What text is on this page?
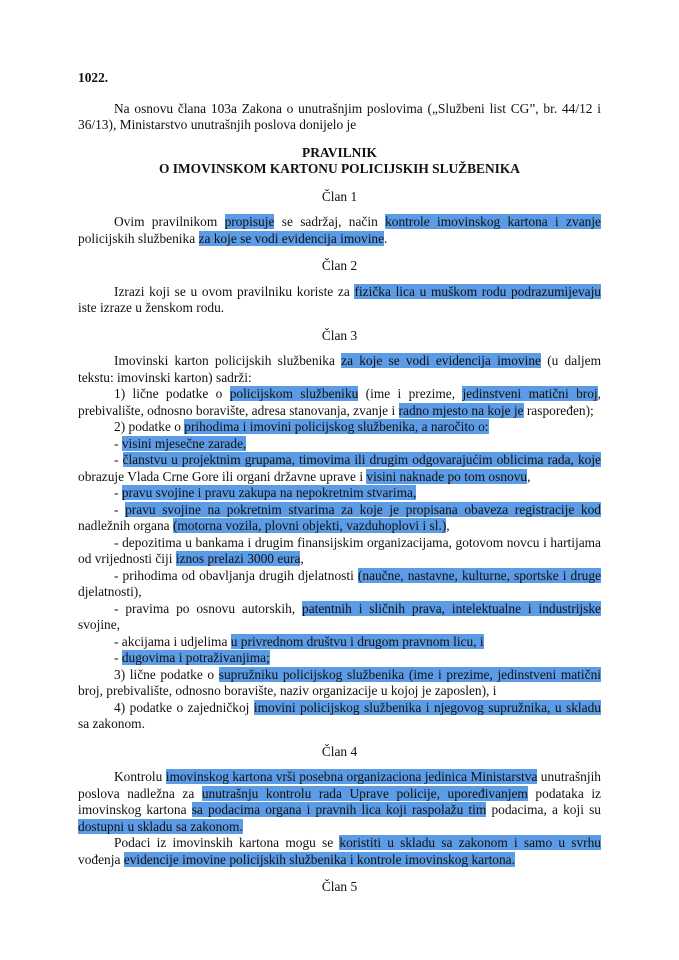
1022.

Na osnovu člana 103a Zakona o unutrašnjim poslovima („Službeni list CG”, br. 44/12 i 36/13), Ministarstvo unutrašnjih poslova donijelo je

PRAVILNIK

O IMOVINSKOM KARTONU POLICIJSKIH SLUŽBENIKA

Član 1

Ovim pravilnikom propisuje se sadržaj, način kontrole imovinskog kartona i zvanje policijskih službenika za koje se vodi evidencija imovine.

Član 2

Izrazi koji se u ovom pravilniku koriste za fizička lica u muškom rodu podrazumijevaju iste izraze u ženskom rodu.

Član 3

Imovinski karton policijskih službenika za koje se vodi evidencija imovine (u daljem tekstu: imovinski karton) sadrži:

1) lične podatke o policijskom službeniku (ime i prezime, jedinstveni matični broj, prebivalište, odnosno boravište, adresa stanovanja, zvanje i radno mjesto na koje je raspoređen);

2) podatke o prihodima i imovini policijskog službenika, a naročito o:

- visini mjesečne zarade,

- članstvu u projektnim grupama, timovima ili drugim odgovarajućim oblicima rada, koje obrazuje Vlada Crne Gore ili organi državne uprave i visini naknade po tom osnovu,

- pravu svojine i pravu zakupa na nepokretnim stvarima,

- pravu svojine na pokretnim stvarima za koje je propisana obaveza registracije kod nadležnih organa (motorna vozila, plovni objekti, vazduhoplovi i sl.),

- depozitima u bankama i drugim finansijskim organizacijama, gotovom novcu i hartijama od vrijednosti čiji iznos prelazi 3000 eura,

- prihodima od obavljanja drugih djelatnosti (naučne, nastavne, kulturne, sportske i druge djelatnosti),

- pravima po osnovu autorskih, patentnih i sličnih prava, intelektualne i industrijske svojine,

- akcijama i udjelima u privrednom društvu i drugom pravnom licu, i

- dugovima i potraživanjima;

3) lične podatke o supružniku policijskog službenika (ime i prezime, jedinstveni matični broj, prebivalište, odnosno boravište, naziv organizacije u kojoj je zaposlen), i

4) podatke o zajedničkoj imovini policijskog službenika i njegovog supružnika, u skladu sa zakonom.

Član 4

Kontrolu imovinskog kartona vrši posebna organizaciona jedinica Ministarstva unutrašnjih poslova nadležna za unutrašnju kontrolu rada Uprave policije, upoređivanjem podataka iz imovinskog kartona sa podacima organa i pravnih lica koji raspolažu tim podacima, a koji su dostupni u skladu sa zakonom.

Podaci iz imovinskih kartona mogu se koristiti u skladu sa zakonom i samo u svrhu vođenja evidencije imovine policijskih službenika i kontrole imovinskog kartona.

Član 5
